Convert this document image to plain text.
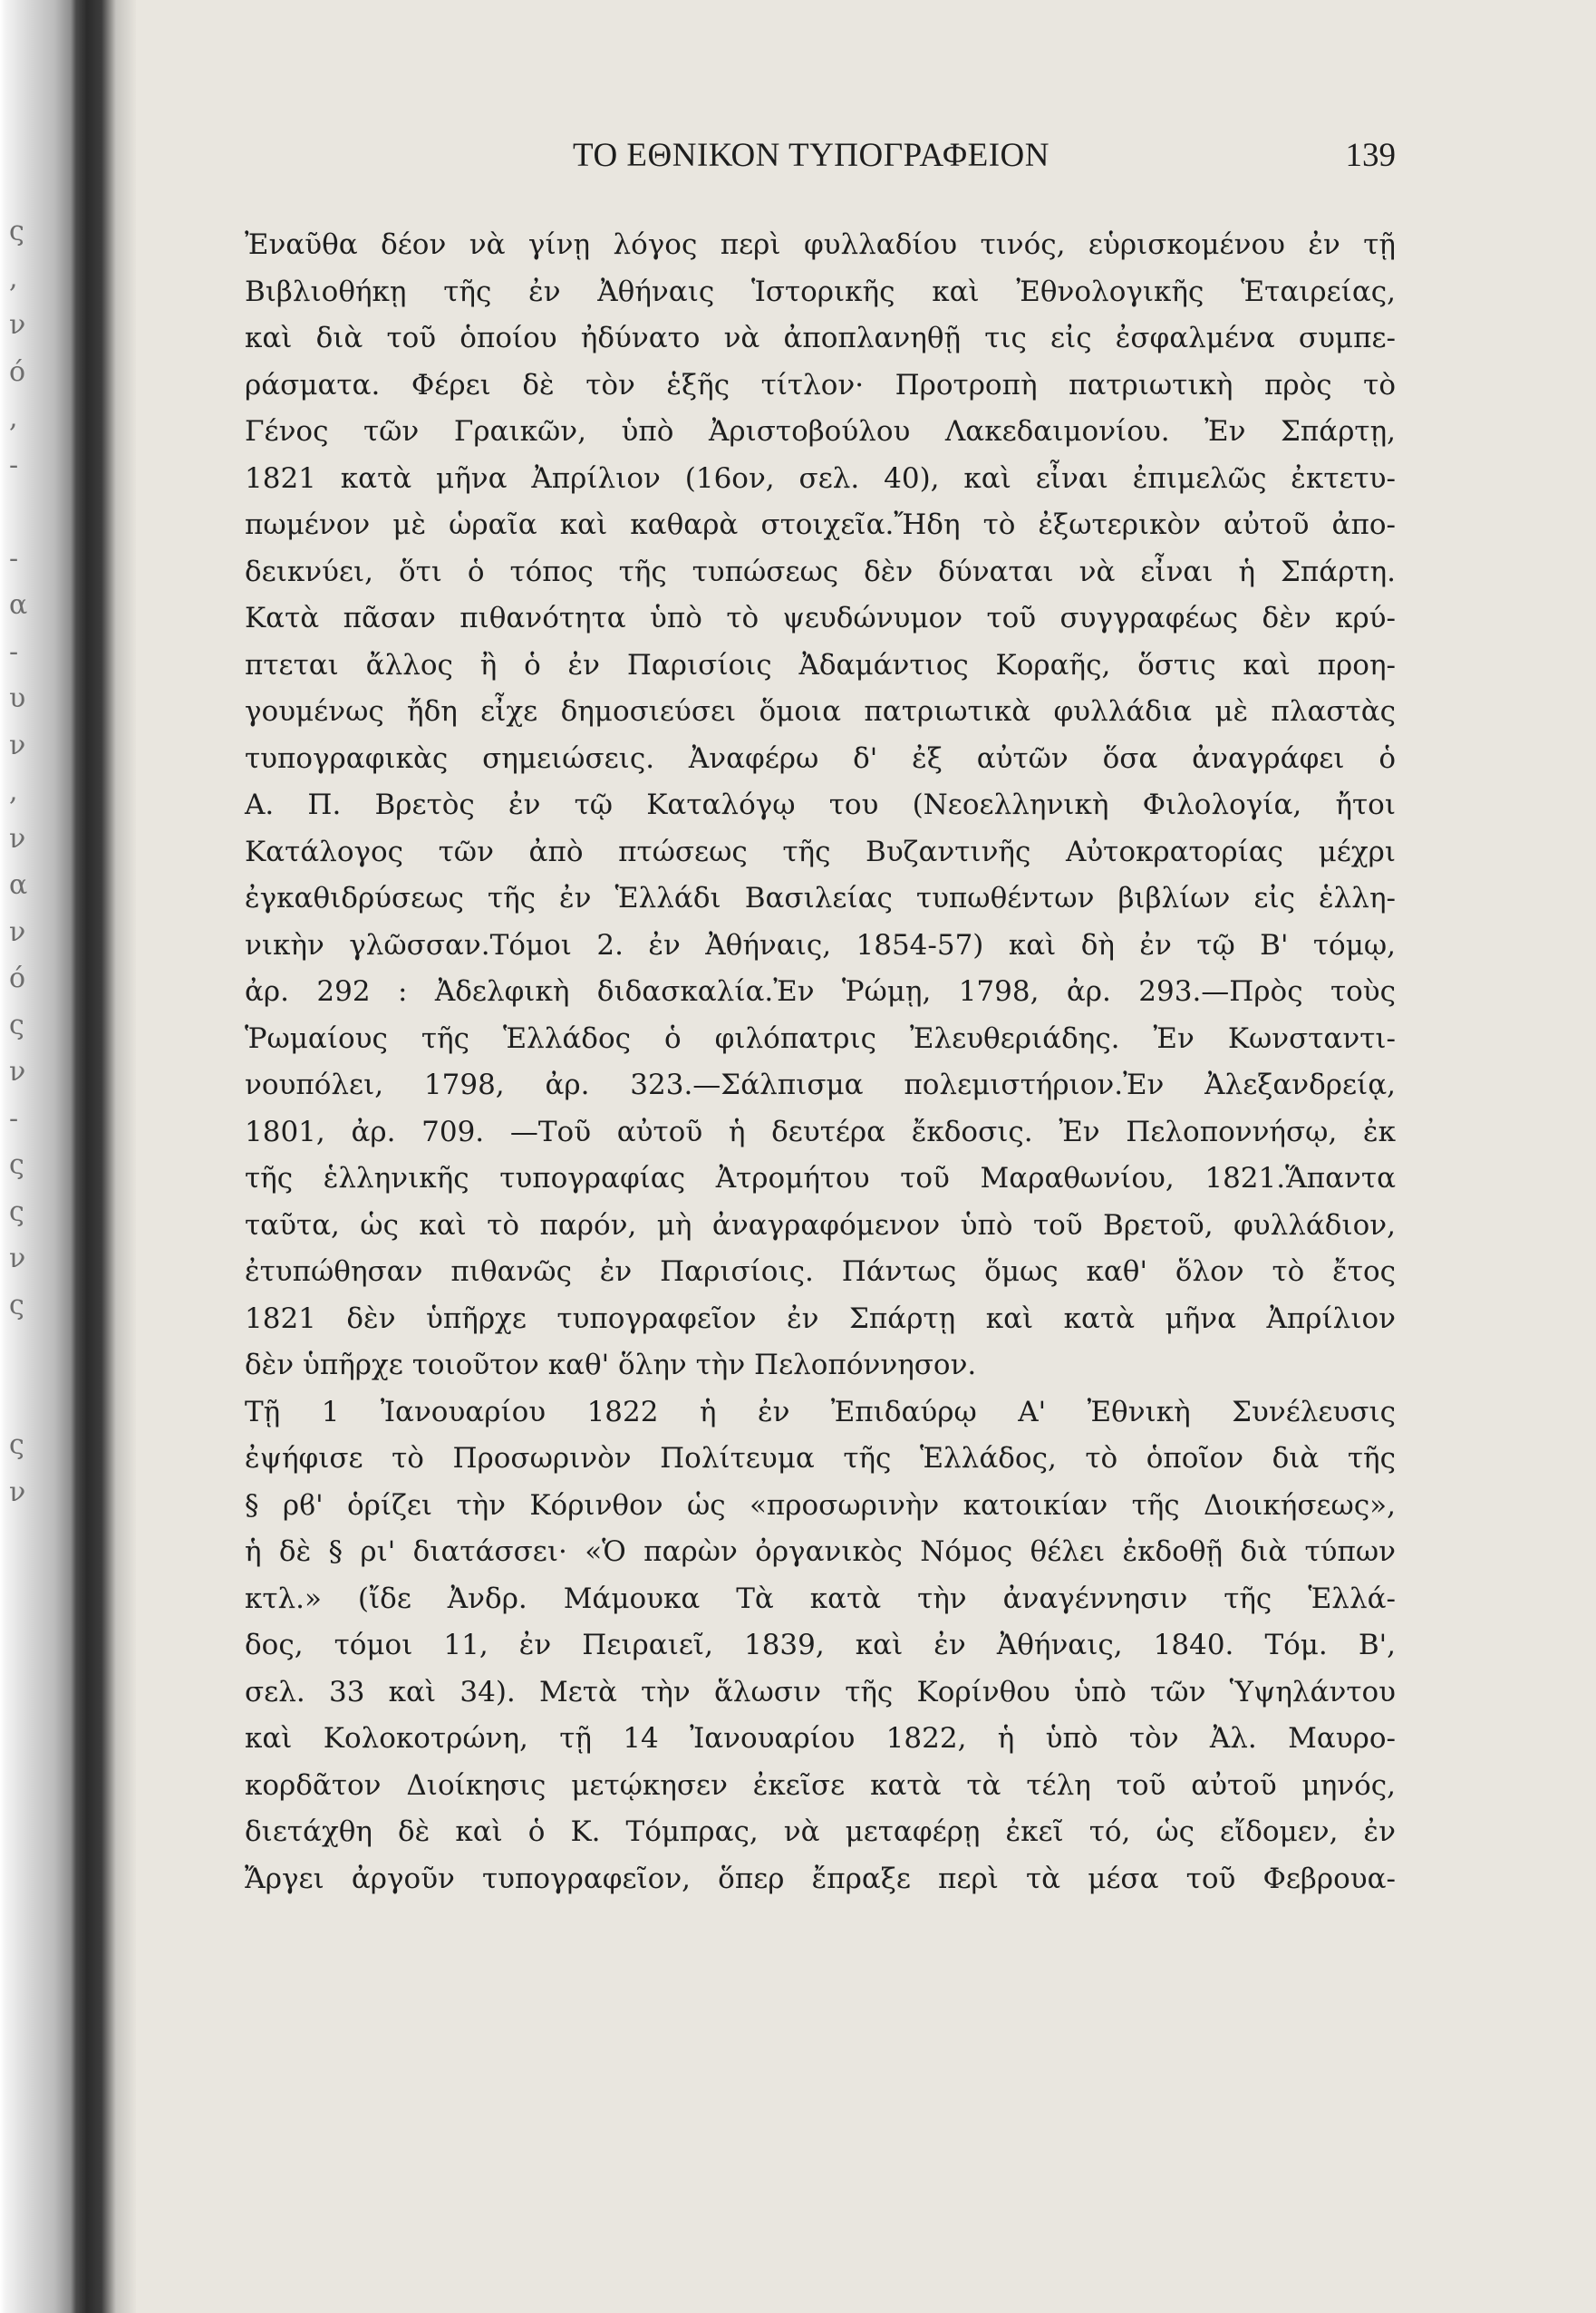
ς
,
ν
ό
,
-
-
α
-
υ
ν
,
ν
α
ν
ό
ς
ν
-
ς
ς
ν
ς
ς
ν
ΤΟ ΕΘΝΙΚΟΝ ΤΥΠΟΓΡΑΦΕΙΟΝ	139
Ἐναῦθα δέον νὰ γίνῃ λόγος περὶ φυλλαδίου τινός, εὑρισκομένου ἐν τῇ
Βιβλιοθήκῃ τῆς ἐν Ἀθήναις Ἱστορικῆς καὶ Ἐθνολογικῆς Ἑταιρείας,
καὶ διὰ τοῦ ὁποίου ἠδύνατο νὰ ἀποπλανηθῇ τις εἰς ἐσφαλμένα συμπε-
ράσματα. Φέρει δὲ τὸν ἑξῆς τίτλον· Προτροπὴ πατριωτικὴ πρὸς τὸ
Γένος τῶν Γραικῶν, ὑπὸ Ἀριστοβούλου Λακεδαιμονίου. Ἐν Σπάρτῃ,
1821 κατὰ μῆνα Ἀπρίλιον (16ον, σελ. 40), καὶ εἶναι ἐπιμελῶς ἐκτετυ-
πωμένον μὲ ὡραῖα καὶ καθαρὰ στοιχεῖα.Ἤδη τὸ ἐξωτερικὸν αὐτοῦ ἀπο-
δεικνύει, ὅτι ὁ τόπος τῆς τυπώσεως δὲν δύναται νὰ εἶναι ἡ Σπάρτη.
Κατὰ πᾶσαν πιθανότητα ὑπὸ τὸ ψευδώνυμον τοῦ συγγραφέως δὲν κρύ-
πτεται ἄλλος ἢ ὁ ἐν Παρισίοις Ἀδαμάντιος Κοραῆς, ὅστις καὶ προη-
γουμένως ἤδη εἶχε δημοσιεύσει ὅμοια πατριωτικὰ φυλλάδια μὲ πλαστὰς
τυπογραφικὰς σημειώσεις. Ἀναφέρω δ' ἐξ αὐτῶν ὅσα ἀναγράφει ὁ
Α. Π. Βρετὸς ἐν τῷ Καταλόγῳ του (Νεοελληνικὴ Φιλολογία, ἤτοι
Κατάλογος τῶν ἀπὸ πτώσεως τῆς Βυζαντινῆς Αὐτοκρατορίας μέχρι
ἐγκαθιδρύσεως τῆς ἐν Ἑλλάδι Βασιλείας τυπωθέντων βιβλίων εἰς ἑλλη-
νικὴν γλῶσσαν.Τόμοι 2. ἐν Ἀθήναις, 1854-57) καὶ δὴ ἐν τῷ Β' τόμῳ,
ἀρ. 292 : Ἀδελφικὴ διδασκαλία.Ἐν Ῥώμῃ, 1798, ἀρ. 293.—Πρὸς τοὺς
Ῥωμαίους τῆς Ἑλλάδος ὁ φιλόπατρις Ἐλευθεριάδης. Ἐν Κωνσταντι-
νουπόλει, 1798, ἀρ. 323.—Σάλπισμα πολεμιστήριον.Ἐν Ἀλεξανδρείᾳ,
1801, ἀρ. 709. —Τοῦ αὐτοῦ ἡ δευτέρα ἔκδοσις. Ἐν Πελοποννήσῳ, ἐκ
τῆς ἑλληνικῆς τυπογραφίας Ἀτρομήτου τοῦ Μαραθωνίου, 1821.Ἅπαντα
ταῦτα, ὡς καὶ τὸ παρόν, μὴ ἀναγραφόμενον ὑπὸ τοῦ Βρετοῦ, φυλλάδιον,
ἐτυπώθησαν πιθανῶς ἐν Παρισίοις. Πάντως ὅμως καθ' ὅλον τὸ ἔτος
1821 δὲν ὑπῆρχε τυπογραφεῖον ἐν Σπάρτῃ καὶ κατὰ μῆνα Ἀπρίλιον
δὲν ὑπῆρχε τοιοῦτον καθ' ὅλην τὴν Πελοπόννησον.
Τῇ 1 Ἰανουαρίου 1822 ἡ ἐν Ἐπιδαύρῳ Α' Ἐθνικὴ Συνέλευσις
ἐψήφισε τὸ Προσωρινὸν Πολίτευμα τῆς Ἑλλάδος, τὸ ὁποῖον διὰ τῆς
§ ρϐ' ὁρίζει τὴν Κόρινθον ὡς «προσωρινὴν κατοικίαν τῆς Διοικήσεως»,
ἡ δὲ § ρι' διατάσσει· «Ὁ παρὼν ὀργανικὸς Νόμος θέλει ἐκδοθῇ διὰ τύπων
κτλ.» (ἴδε Ἀνδρ. Μάμουκα Τὰ κατὰ τὴν ἀναγέννησιν τῆς Ἑλλά-
δος, τόμοι 11, ἐν Πειραιεῖ, 1839, καὶ ἐν Ἀθήναις, 1840. Τόμ. Β',
σελ. 33 καὶ 34). Μετὰ τὴν ἅλωσιν τῆς Κορίνθου ὑπὸ τῶν Ὑψηλάντου
καὶ Κολοκοτρώνη, τῇ 14 Ἰανουαρίου 1822, ἡ ὑπὸ τὸν Ἀλ. Μαυρο-
κορδᾶτον Διοίκησις μετῴκησεν ἐκεῖσε κατὰ τὰ τέλη τοῦ αὐτοῦ μηνός,
διετάχθη δὲ καὶ ὁ Κ. Τόμπρας, νὰ μεταφέρῃ ἐκεῖ τό, ὡς εἴδομεν, ἐν
Ἄργει ἀργοῦν τυπογραφεῖον, ὅπερ ἔπραξε περὶ τὰ μέσα τοῦ Φεβρουα-
